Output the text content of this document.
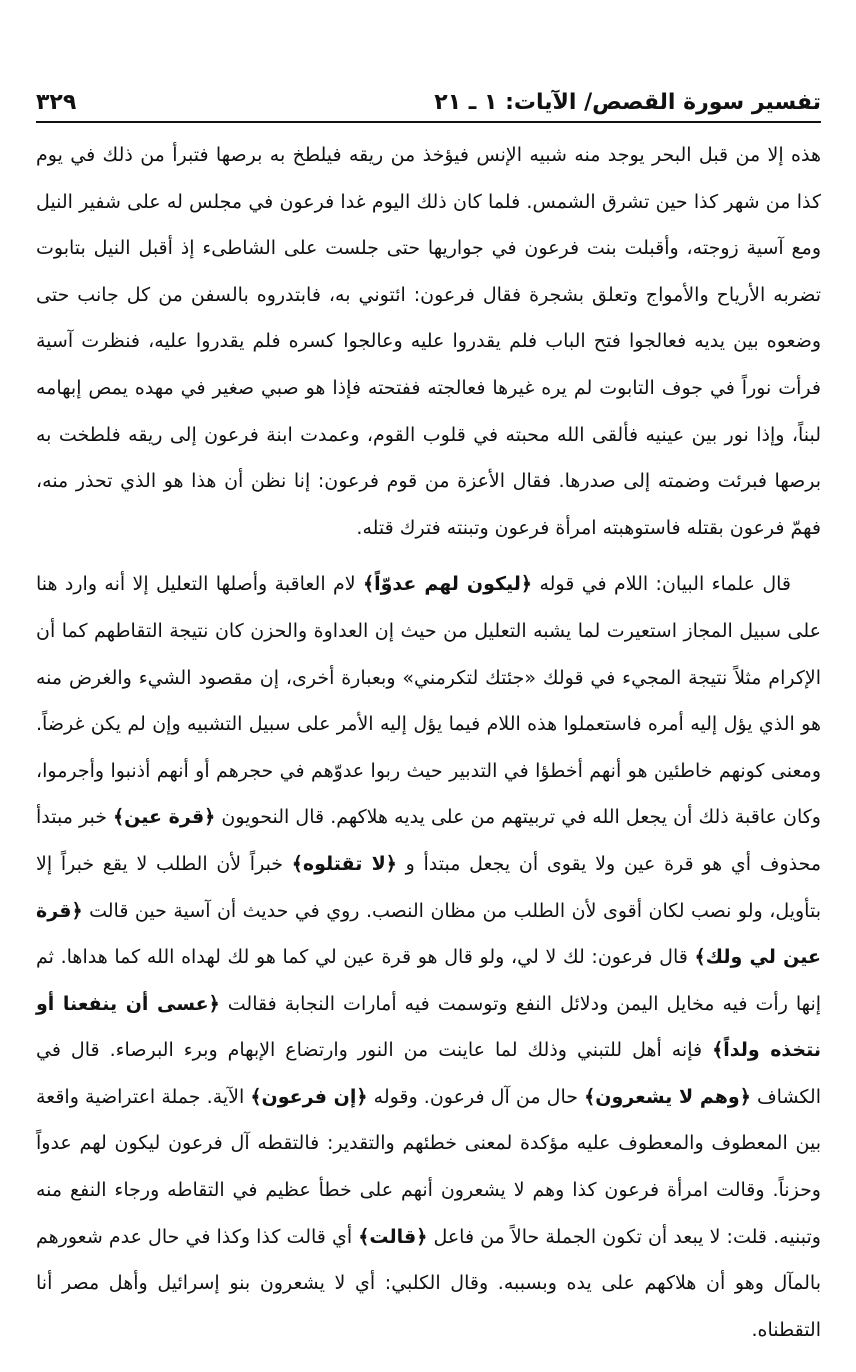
تفسير سورة القصص/ الآيات: ١ ـ ٢١
٣٢٩

هذه إلا من قبل البحر يوجد منه شبيه الإنس فيؤخذ من ريقه فيلطخ به برصها فتبرأ من ذلك في يوم كذا من شهر كذا حين تشرق الشمس. فلما كان ذلك اليوم غدا فرعون في مجلس له على شفير النيل ومع آسية زوجته، وأقبلت بنت فرعون في جواريها حتى جلست على الشاطىء إذ أقبل النيل بتابوت تضربه الأرياح والأمواج وتعلق بشجرة فقال فرعون: ائتوني به، فابتدروه بالسفن من كل جانب حتى وضعوه بين يديه فعالجوا فتح الباب فلم يقدروا عليه وعالجوا كسره فلم يقدروا عليه، فنظرت آسية فرأت نوراً في جوف التابوت لم يره غيرها فعالجته ففتحته فإذا هو صبي صغير في مهده يمص إبهامه لبناً، وإذا نور بين عينيه فألقى الله محبته في قلوب القوم، وعمدت ابنة فرعون إلى ريقه فلطخت به برصها فبرئت وضمته إلى صدرها. فقال الأعزة من قوم فرعون: إنا نظن أن هذا هو الذي تحذر منه، فهمّ فرعون بقتله فاستوهبته امرأة فرعون وتبنته فترك قتله.

قال علماء البيان: اللام في قوله ﴿ليكون لهم عدوّاً﴾ لام العاقبة وأصلها التعليل إلا أنه وارد هنا على سبيل المجاز استعيرت لما يشبه التعليل من حيث إن العداوة والحزن كان نتيجة التقاطهم كما أن الإكرام مثلاً نتيجة المجيء في قولك «جئتك لتكرمني» وبعبارة أخرى، إن مقصود الشيء والغرض منه هو الذي يؤل إليه أمره فاستعملوا هذه اللام فيما يؤل إليه الأمر على سبيل التشبيه وإن لم يكن غرضاً. ومعنى كونهم خاطئين هو أنهم أخطؤا في التدبير حيث ربوا عدوّهم في حجرهم أو أنهم أذنبوا وأجرموا، وكان عاقبة ذلك أن يجعل الله في تربيتهم من على يديه هلاكهم. قال النحويون ﴿قرة عين﴾ خبر مبتدأ محذوف أي هو قرة عين ولا يقوى أن يجعل مبتدأ و ﴿لا تقتلوه﴾ خبراً لأن الطلب لا يقع خبراً إلا بتأويل، ولو نصب لكان أقوى لأن الطلب من مظان النصب. روي في حديث أن آسية حين قالت ﴿قرة عين لي ولك﴾ قال فرعون: لك لا لي، ولو قال هو قرة عين لي كما هو لك لهداه الله كما هداها. ثم إنها رأت فيه مخايل اليمن ودلائل النفع وتوسمت فيه أمارات النجابة فقالت ﴿عسى أن ينفعنا أو نتخذه ولداً﴾ فإنه أهل للتبني وذلك لما عاينت من النور وارتضاع الإبهام وبرء البرصاء. قال في الكشاف ﴿وهم لا يشعرون﴾ حال من آل فرعون. وقوله ﴿إن فرعون﴾ الآية. جملة اعتراضية واقعة بين المعطوف والمعطوف عليه مؤكدة لمعنى خطئهم والتقدير: فالتقطه آل فرعون ليكون لهم عدواً وحزناً. وقالت امرأة فرعون كذا وهم لا يشعرون أنهم على خطأ عظيم في التقاطه ورجاء النفع منه وتبنيه. قلت: لا يبعد أن تكون الجملة حالاً من فاعل ﴿قالت﴾ أي قالت كذا وكذا في حال عدم شعورهم بالمآل وهو أن هلاكهم على يده وبسببه. وقال الكلبي: أي لا يشعرون بنو إسرائيل وأهل مصر أنا التقطناه.
